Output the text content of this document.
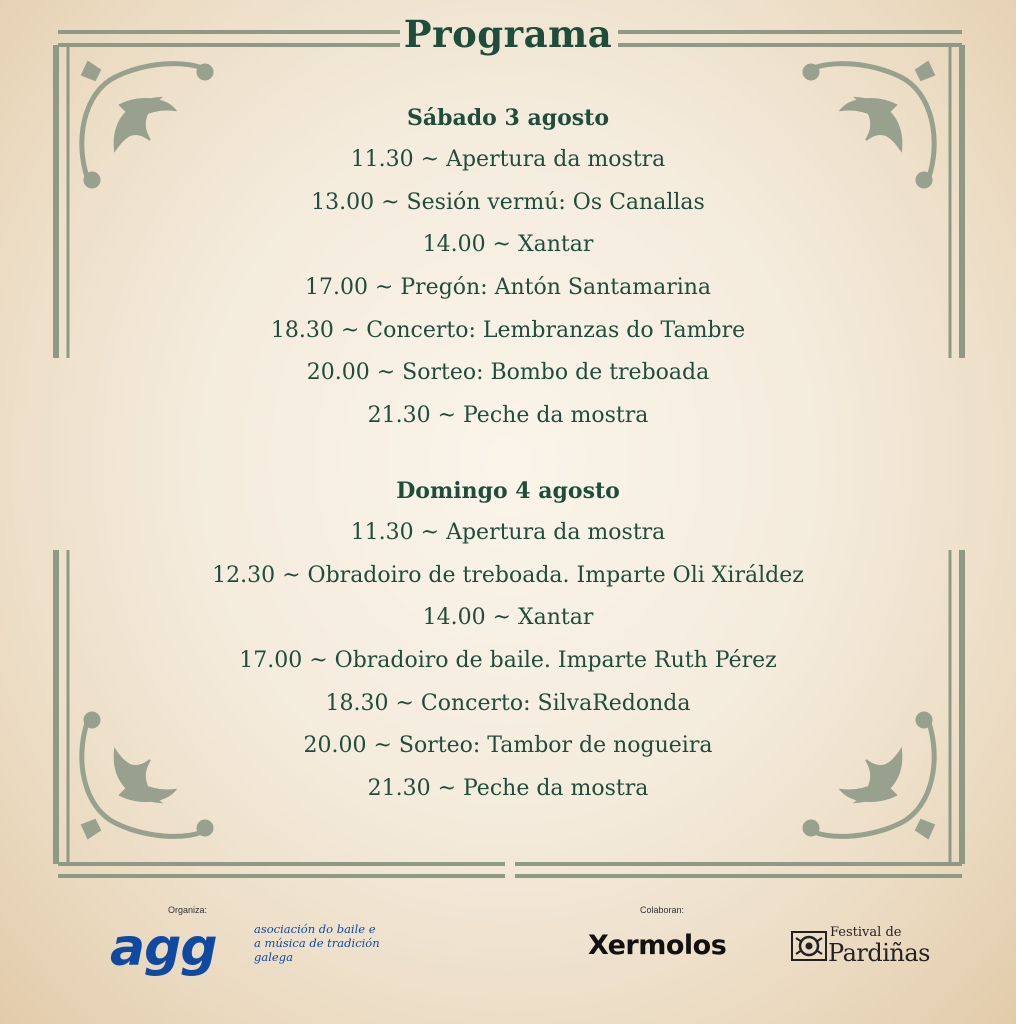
Programa
Sábado 3 agosto
11.30 ~ Apertura da mostra
13.00 ~ Sesión vermú: Os Canallas
14.00 ~ Xantar
17.00 ~ Pregón: Antón Santamarina
18.30 ~ Concerto: Lembranzas do Tambre
20.00 ~ Sorteo: Bombo de treboada
21.30 ~ Peche da mostra
Domingo 4 agosto
11.30 ~ Apertura da mostra
12.30 ~ Obradoiro de treboada. Imparte Oli Xiráldez
14.00 ~ Xantar
17.00 ~ Obradoiro de baile. Imparte Ruth Pérez
18.30 ~ Concerto: SilvaRedonda
20.00 ~ Sorteo: Tambor de nogueira
21.30 ~ Peche da mostra
Organiza:
agg	asociación do baile e
a música de tradición
galega
Colaboran:
Xermolos	Festival de
Pardiñas
